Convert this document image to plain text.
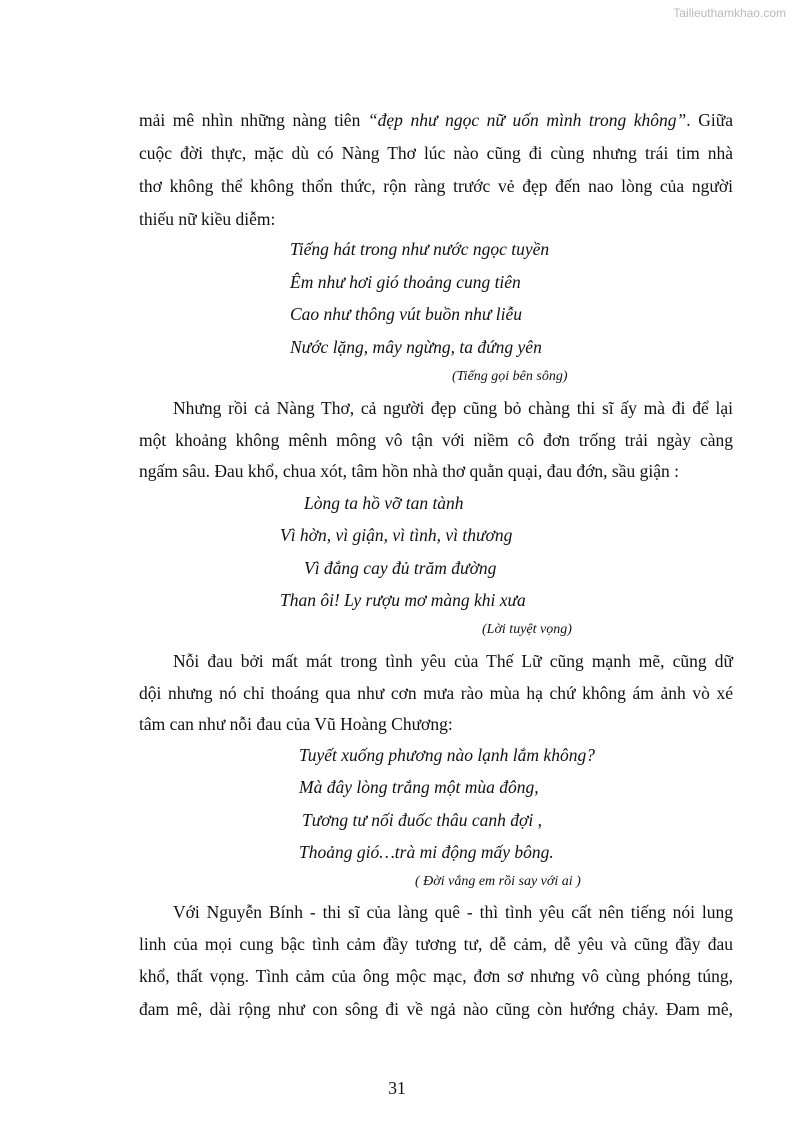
Tailieuthamkhao.com
mải mê nhìn những nàng tiên “đẹp như ngọc nữ uốn mình trong không”. Giữa
cuộc đời thực, mặc dù có Nàng Thơ lúc nào cũng đi cùng nhưng trái tim nhà
thơ không thể không thổn thức, rộn ràng trước vẻ đẹp đến nao lòng của người
thiếu nữ kiều diễm:
Tiếng hát trong như nước ngọc tuyền
Êm như hơi gió thoảng cung tiên
Cao như thông vút buồn như liễu
Nước lặng, mây ngừng, ta đứng yên
(Tiếng gọi bên sông)
Nhưng rồi cả Nàng Thơ, cả người đẹp cũng bỏ chàng thi sĩ ấy mà đi để lại
một khoảng không mênh mông vô tận với niềm cô đơn trống trải ngày càng
ngấm sâu. Đau khổ, chua xót, tâm hồn nhà thơ quằn quại, đau đớn, sầu giận :
Lòng ta hồ vỡ tan tành
Vì hờn, vì giận, vì tình, vì thương
Vì đắng cay đủ trăm đường
Than ôi! Ly rượu mơ màng khi xưa
(Lời tuyệt vọng)
Nỗi đau bởi mất mát trong tình yêu của Thế Lữ cũng mạnh mẽ, cũng dữ
dội nhưng nó chỉ thoáng qua như cơn mưa rào mùa hạ chứ không ám ảnh vò xé
tâm can như nỗi đau của Vũ Hoàng Chương:
Tuyết xuống phương nào lạnh lắm không?
Mà đây lòng trắng một mùa đông,
Tương tư nối đuốc thâu canh đợi ,
Thoảng gió…trà mi động mấy bông.
( Đời vắng em rồi say với ai )
Với Nguyễn Bính - thi sĩ của làng quê - thì tình yêu cất nên tiếng nói lung
linh của mọi cung bậc tình cảm đầy tương tư, dễ cảm, dễ yêu và cũng đầy đau
khổ, thất vọng. Tình cảm của ông mộc mạc, đơn sơ nhưng vô cùng phóng túng,
đam mê, dài rộng như con sông đi về ngả nào cũng còn hướng chảy. Đam mê,
31
